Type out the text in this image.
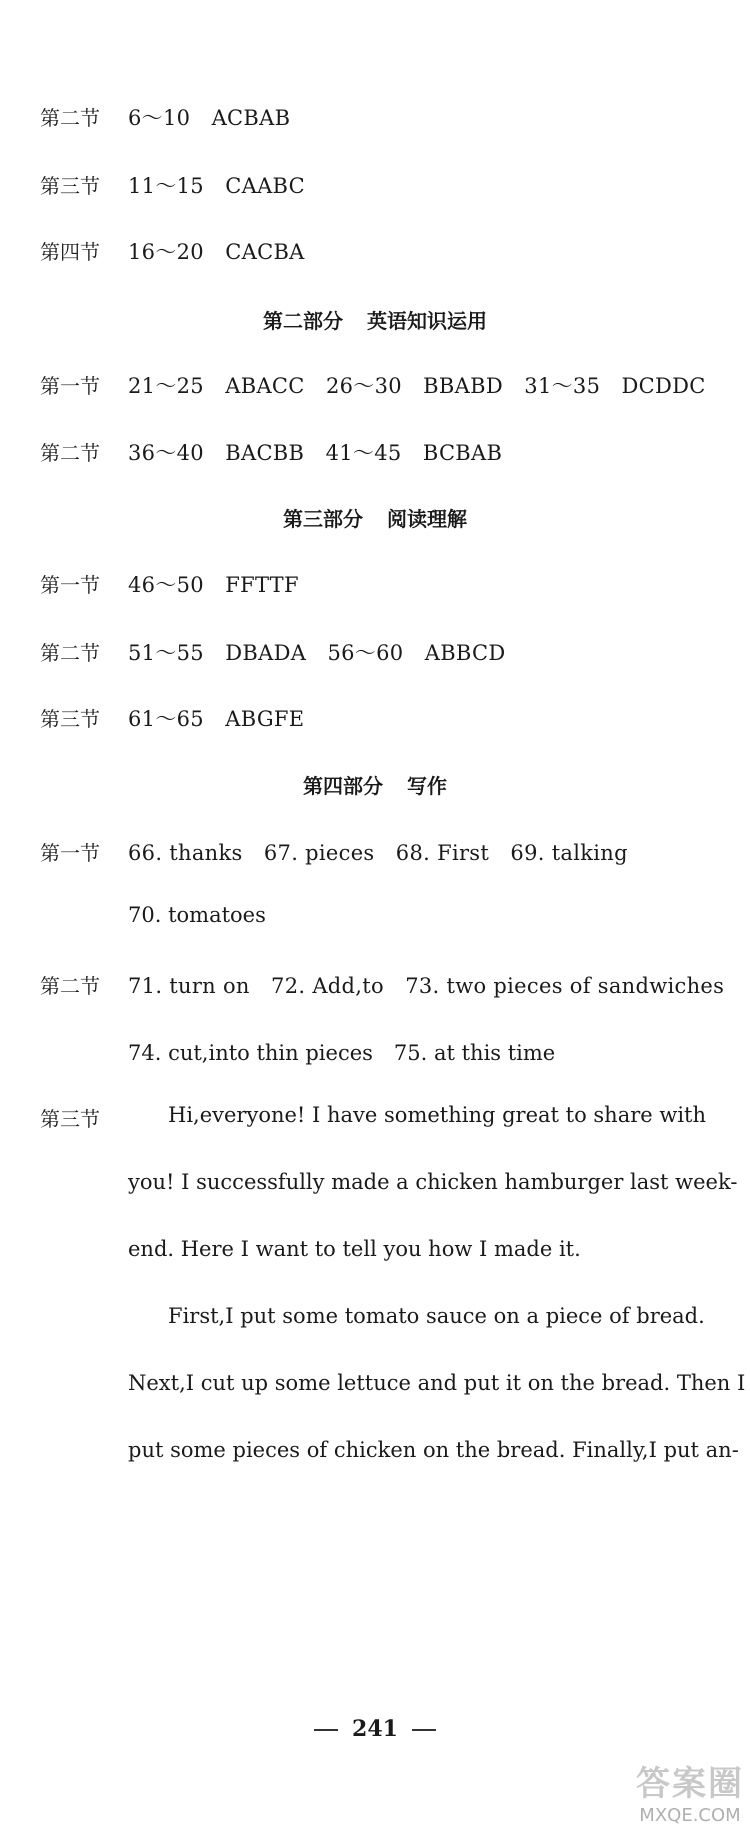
第二节 6～10　ACBAB
第三节 11～15　CAABC
第四节 16～20　CACBA
第二部分 英语知识运用
第一节 21～25　ABACC　26～30　BBABD　31～35　DCDDC
第二节 36～40　BACBB　41～45　BCBAB
第三部分 阅读理解
第一节 46～50　FFTTF
第二节 51～55　DBADA　56～60　ABBCD
第三节 61～65　ABGFE
第四部分 写作
第一节 66. thanks　67. pieces　68. First　69. talking
70. tomatoes
第二节 71. turn on　72. Add,to　73. two pieces of sandwiches
74. cut,into thin pieces　75. at this time
第三节	Hi,everyone! I have something great to share with
you! I successfully made a chicken hamburger last week-
end. Here I want to tell you how I made it.
First,I put some tomato sauce on a piece of bread.
Next,I cut up some lettuce and put it on the bread. Then I
put some pieces of chicken on the bread. Finally,I put an-
241
答案圈
MXQE.COM
